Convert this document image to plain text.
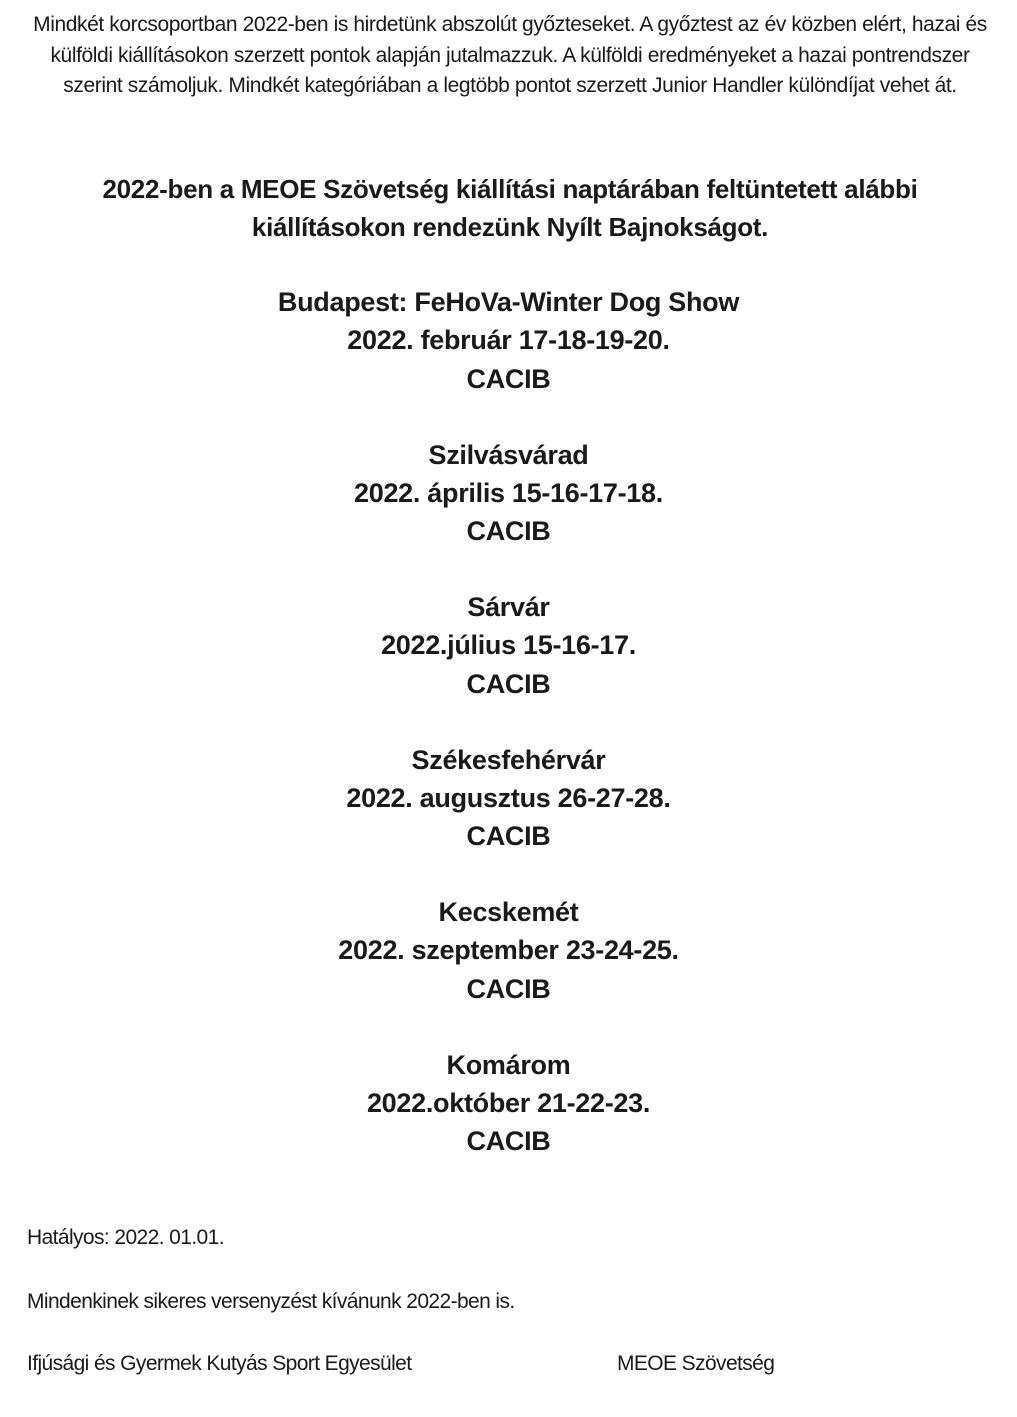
Mindkét korcsoportban 2022-ben is hirdetünk abszolút győzteseket. A győztest az év közben elért, hazai és külföldi kiállításokon szerzett pontok alapján jutalmazzuk. A külföldi eredményeket a hazai pontrendszer szerint számoljuk. Mindkét kategóriában a legtöbb pontot szerzett Junior Handler különdíjat vehet át.
2022-ben a MEOE Szövetség kiállítási naptárában feltüntetett alábbi
kiállításokon rendezünk Nyílt Bajnokságot.
Budapest: FeHoVa-Winter Dog Show
2022. február 17-18-19-20.
CACIB
Szilvásvárad
2022. április 15-16-17-18.
CACIB
Sárvár
2022.július 15-16-17.
CACIB
Székesfehérvár
2022. augusztus 26-27-28.
CACIB
Kecskemét
2022. szeptember 23-24-25.
CACIB
Komárom
2022.október 21-22-23.
CACIB
Hatályos: 2022. 01.01.
Mindenkinek sikeres versenyzést kívánunk 2022-ben is.
Ifjúsági és Gyermek Kutyás Sport Egyesület	MEOE Szövetség
